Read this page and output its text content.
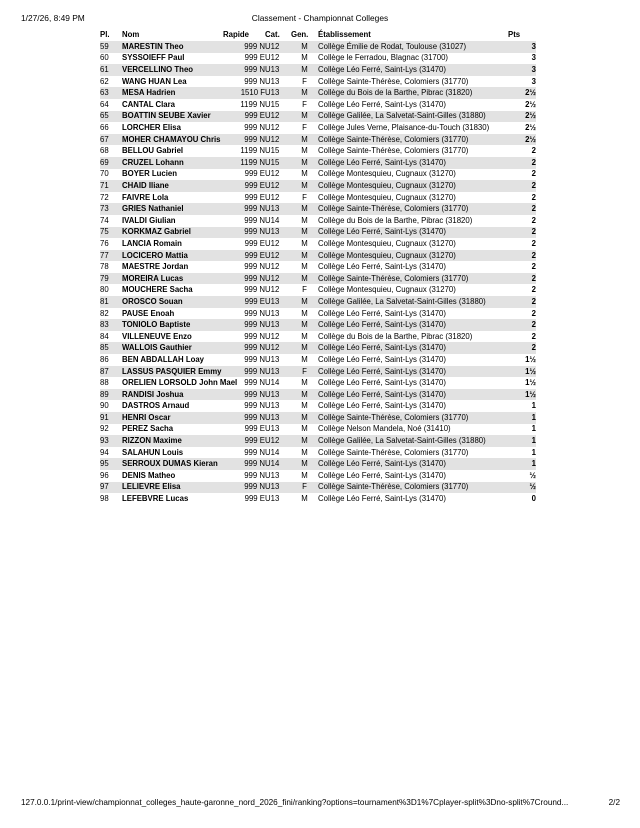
1/27/26, 8:49 PM	Classement - Championnat Colleges
Pl.	Nom	Rapide	Cat.	Gen.	Établissement	Pts
59	MARESTIN Theo	999 N	U12	M	Collège Émilie de Rodat, Toulouse (31027)	3
60	SYSSOIEFF Paul	999 E	U12	M	Collège le Ferradou, Blagnac (31700)	3
61	VERCELLINO Theo	999 N	U13	M	Collège Léo Ferré, Saint-Lys (31470)	3
62	WANG HUAN Lea	999 N	U13	F	Collège Sainte-Thérèse, Colomiers (31770)	3
63	MESA Hadrien	1510 F	U13	M	Collège du Bois de la Barthe, Pibrac (31820)	2½
64	CANTAL Clara	1199 N	U15	F	Collège Léo Ferré, Saint-Lys (31470)	2½
65	BOATTIN SEUBE Xavier	999 E	U12	M	Collège Galilée, La Salvetat-Saint-Gilles (31880)	2½
66	LORCHER Elisa	999 N	U12	F	Collège Jules Verne, Plaisance-du-Touch (31830)	2½
67	MOHER CHAMAYOU Chris	999 N	U12	M	Collège Sainte-Thérèse, Colomiers (31770)	2½
68	BELLOU Gabriel	1199 N	U15	M	Collège Sainte-Thérèse, Colomiers (31770)	2
69	CRUZEL Lohann	1199 N	U15	M	Collège Léo Ferré, Saint-Lys (31470)	2
70	BOYER Lucien	999 E	U12	M	Collège Montesquieu, Cugnaux (31270)	2
71	CHAID Iliane	999 E	U12	M	Collège Montesquieu, Cugnaux (31270)	2
72	FAIVRE Lola	999 E	U12	F	Collège Montesquieu, Cugnaux (31270)	2
73	GRIES Nathaniel	999 N	U13	M	Collège Sainte-Thérèse, Colomiers (31770)	2
74	IVALDI Giulian	999 N	U14	M	Collège du Bois de la Barthe, Pibrac (31820)	2
75	KORKMAZ Gabriel	999 N	U13	M	Collège Léo Ferré, Saint-Lys (31470)	2
76	LANCIA Romain	999 E	U12	M	Collège Montesquieu, Cugnaux (31270)	2
77	LOCICERO Mattia	999 E	U12	M	Collège Montesquieu, Cugnaux (31270)	2
78	MAESTRE Jordan	999 N	U12	M	Collège Léo Ferré, Saint-Lys (31470)	2
79	MOREIRA Lucas	999 N	U12	M	Collège Sainte-Thérèse, Colomiers (31770)	2
80	MOUCHERE Sacha	999 N	U12	F	Collège Montesquieu, Cugnaux (31270)	2
81	OROSCO Souan	999 E	U13	M	Collège Galilée, La Salvetat-Saint-Gilles (31880)	2
82	PAUSE Enoah	999 N	U13	M	Collège Léo Ferré, Saint-Lys (31470)	2
83	TONIOLO Baptiste	999 N	U13	M	Collège Léo Ferré, Saint-Lys (31470)	2
84	VILLENEUVE Enzo	999 N	U12	M	Collège du Bois de la Barthe, Pibrac (31820)	2
85	WALLOIS Gauthier	999 N	U12	M	Collège Léo Ferré, Saint-Lys (31470)	2
86	BEN ABDALLAH Loay	999 N	U13	M	Collège Léo Ferré, Saint-Lys (31470)	1½
87	LASSUS PASQUIER Emmy	999 N	U13	F	Collège Léo Ferré, Saint-Lys (31470)	1½
88	ORELIEN LORSOLD John Mael	999 N	U14	M	Collège Léo Ferré, Saint-Lys (31470)	1½
89	RANDISI Joshua	999 N	U13	M	Collège Léo Ferré, Saint-Lys (31470)	1½
90	DASTROS Arnaud	999 N	U13	M	Collège Léo Ferré, Saint-Lys (31470)	1
91	HENRI Oscar	999 N	U13	M	Collège Sainte-Thérèse, Colomiers (31770)	1
92	PEREZ Sacha	999 E	U13	M	Collège Nelson Mandela, Noé (31410)	1
93	RIZZON Maxime	999 E	U12	M	Collège Galilée, La Salvetat-Saint-Gilles (31880)	1
94	SALAHUN Louis	999 N	U14	M	Collège Sainte-Thérèse, Colomiers (31770)	1
95	SERROUX DUMAS Kieran	999 N	U14	M	Collège Léo Ferré, Saint-Lys (31470)	1
96	DENIS Matheo	999 N	U13	M	Collège Léo Ferré, Saint-Lys (31470)	½
97	LELIEVRE Elisa	999 N	U13	F	Collège Sainte-Thérèse, Colomiers (31770)	½
98	LEFEBVRE Lucas	999 E	U13	M	Collège Léo Ferré, Saint-Lys (31470)	0
127.0.0.1/print-view/championnat_colleges_haute-garonne_nord_2026_fini/ranking?options=tournament%3D1%7Cplayer-split%3Dno-split%7Cround...	2/2
